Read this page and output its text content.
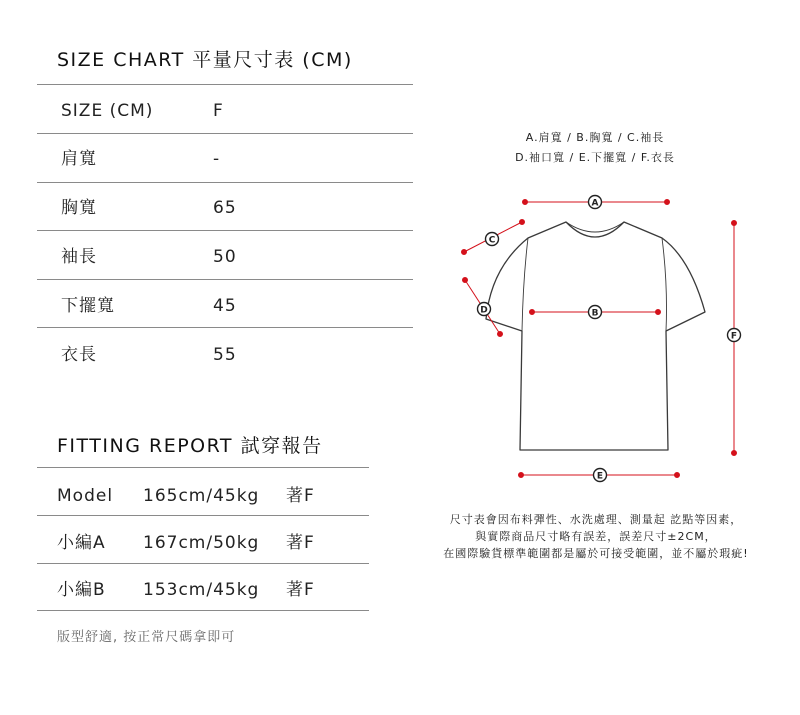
SIZE CHART 平量尺寸表 (CM)
SIZE (CM)	F
肩寬	-
胸寬	65
袖長	50
下擺寬	45
衣長	55
FITTING REPORT 試穿報告
Model 165cm/45kg 著F
小編A 167cm/50kg 著F
小編B 153cm/45kg 著F
版型舒適, 按正常尺碼拿即可
A.肩寬 / B.胸寬 / C.袖長
D.袖口寬 / E.下擺寬 / F.衣長
A
C
D	B
E
F
尺寸表會因布料彈性、水洗處理、測量起 訖點等因素，
與實際商品尺寸略有誤差，誤差尺寸±2CM，
在國際驗貨標準範圍都是屬於可接受範圍，並不屬於瑕疵!
